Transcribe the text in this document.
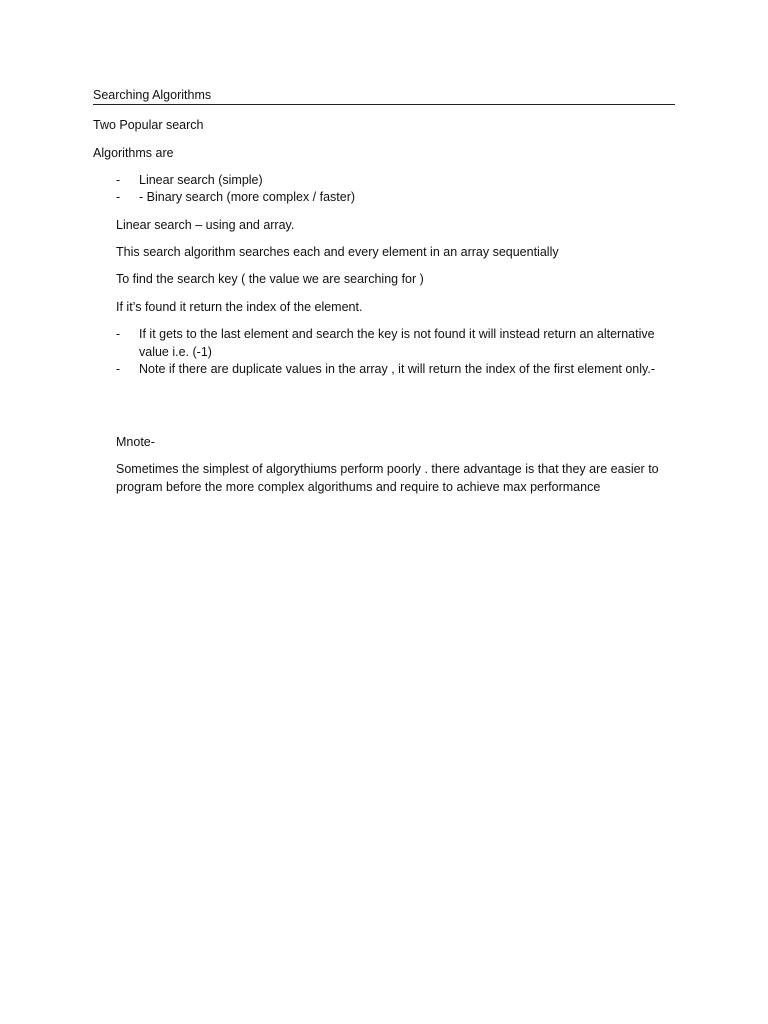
Searching Algorithms
Two Popular search
Algorithms are
- Linear search (simple)
- - Binary search (more complex / faster)
Linear search – using and array.
This search algorithm searches each and every element in an array sequentially
To find the search key ( the value we are searching for )
If it’s found it return the index of the element.
- If it gets to the last element and search the key is not found it will instead return an alternative value i.e. (-1)
- Note if there are duplicate values in the array , it will return the index of the first element only.-
Mnote-
Sometimes the simplest of algorythiums perform poorly . there advantage is that they are easier to program before the more complex algorithums and require to achieve max performance
